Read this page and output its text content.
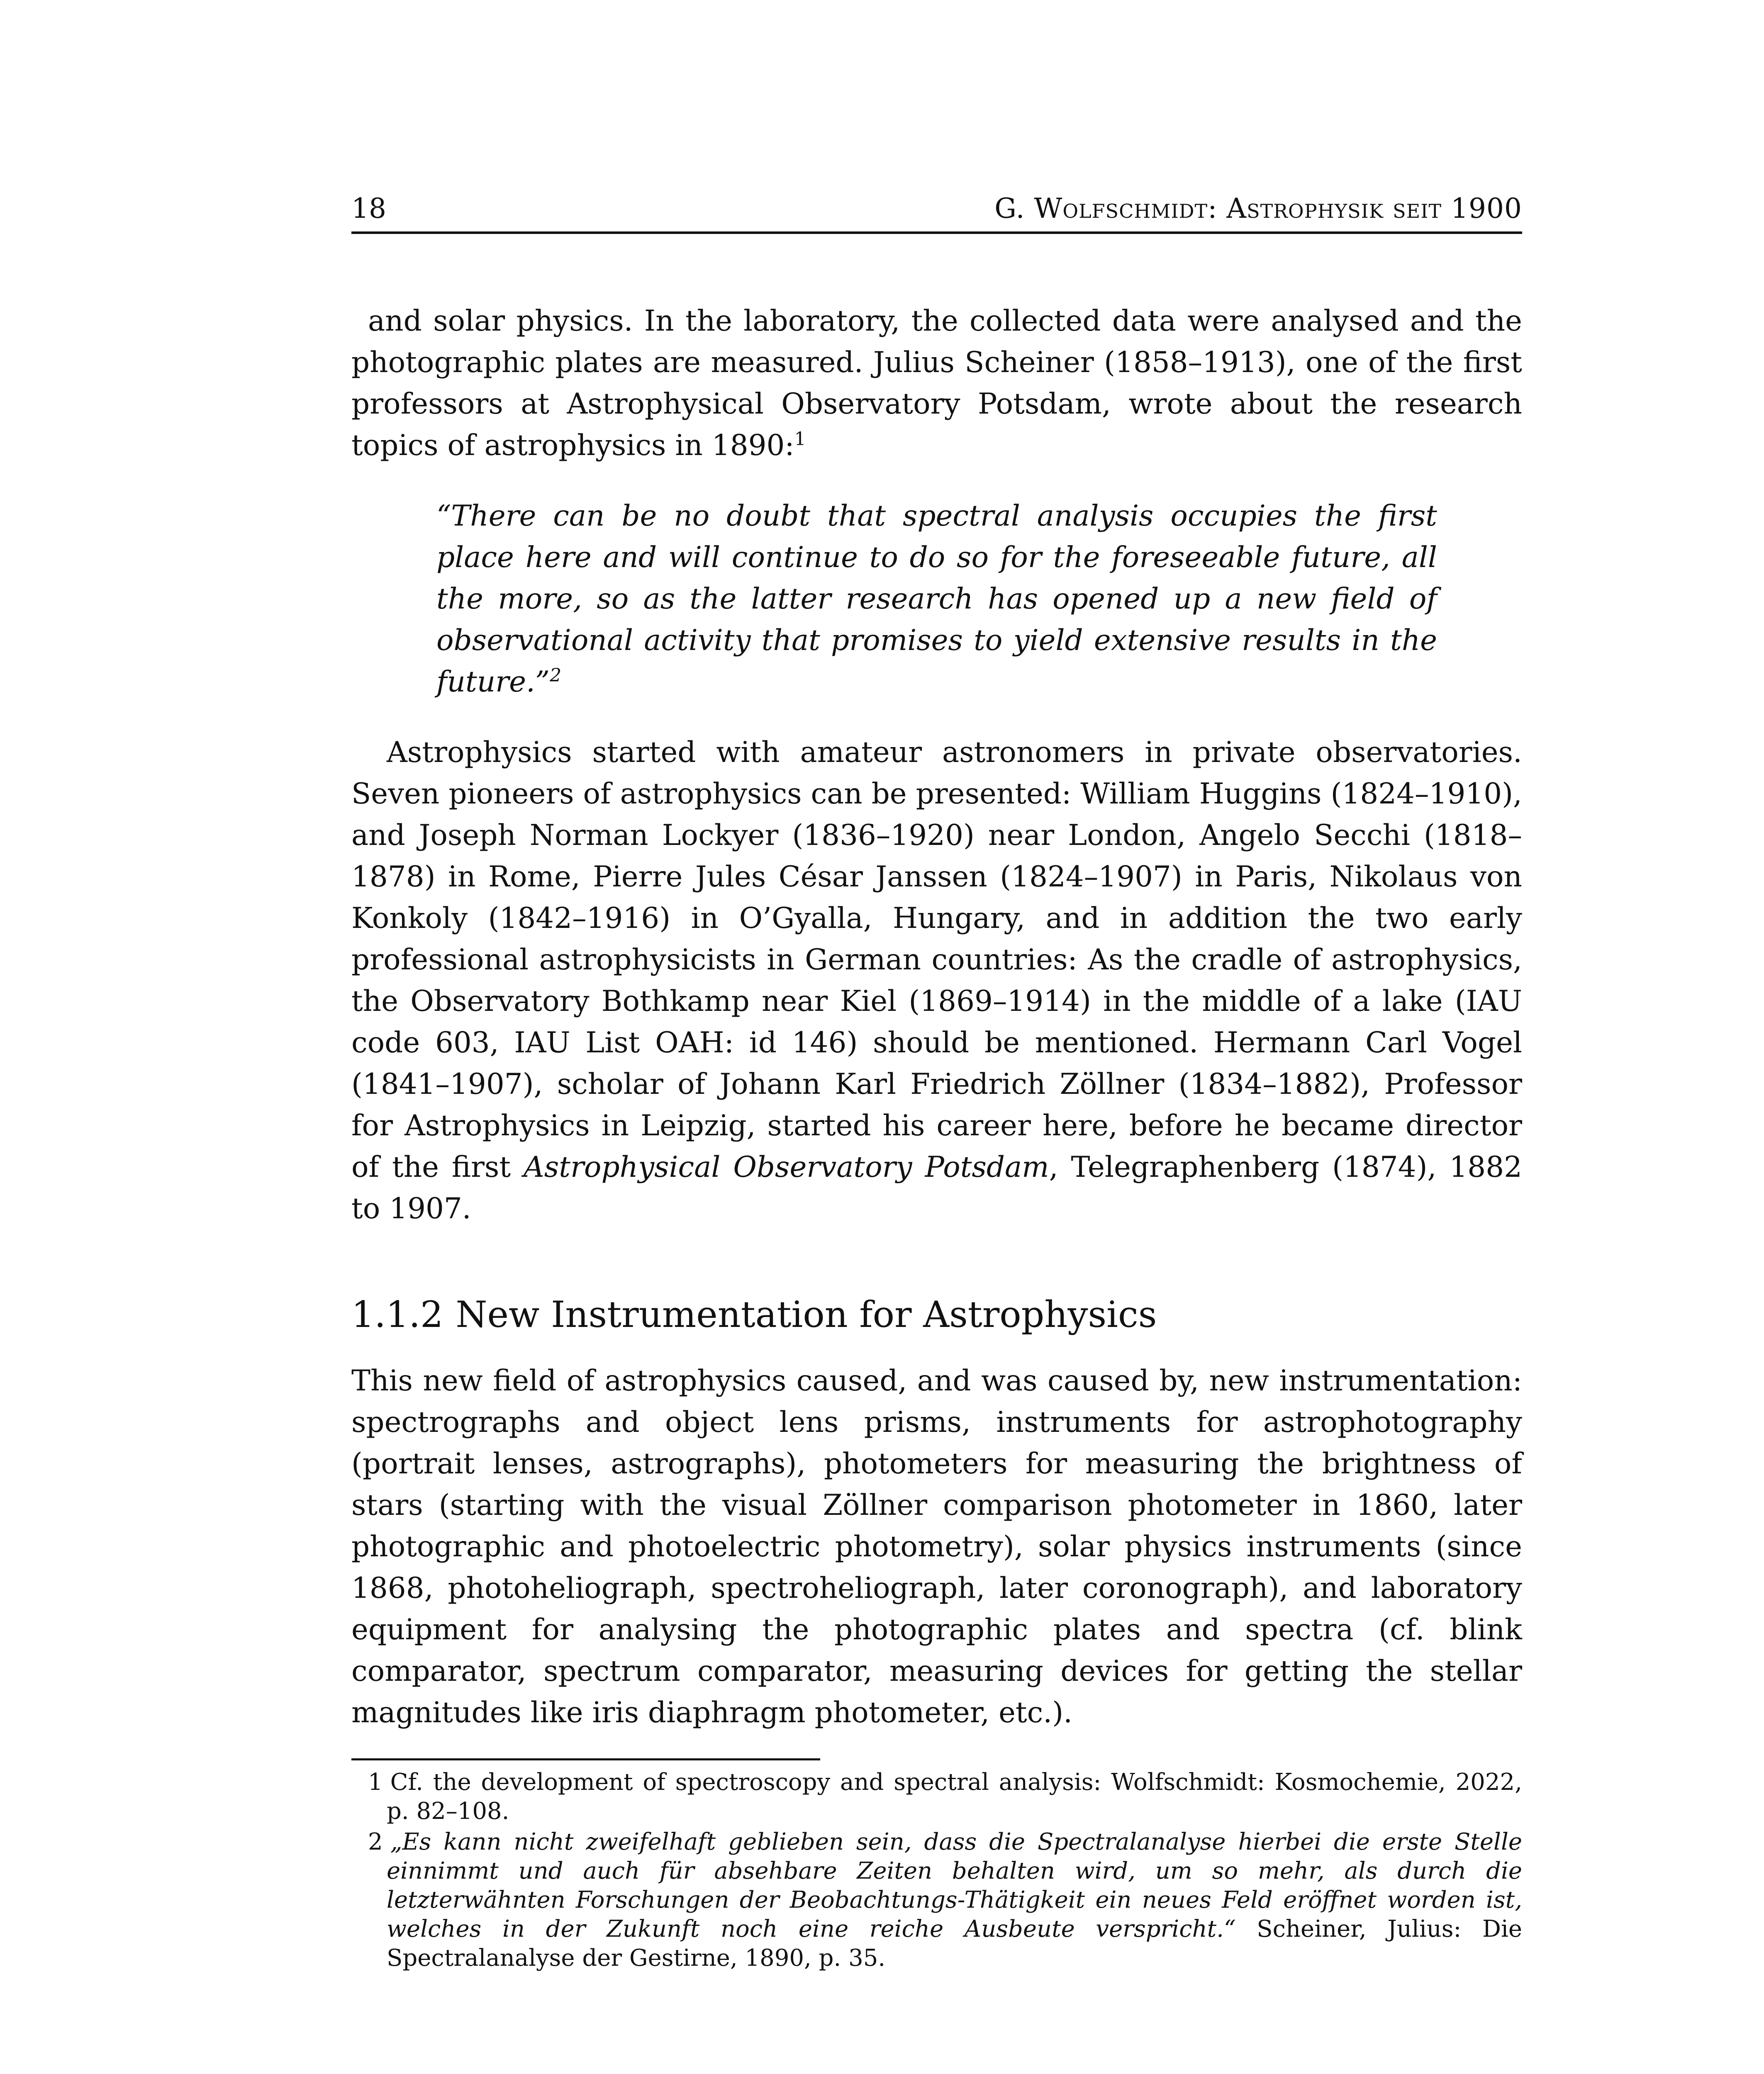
18	G. Wolfschmidt: Astrophysik seit 1900

and solar physics. In the laboratory, the collected data were analysed and the photographic plates are measured. Julius Scheiner (1858–1913), one of the first professors at Astrophysical Observatory Potsdam, wrote about the research topics of astrophysics in 1890:$^1$

“There can be no doubt that spectral analysis occupies the first place here and will continue to do so for the foreseeable future, all the more, so as the latter research has opened up a new field of observational activity that promises to yield extensive results in the future.”$^2$

Astrophysics started with amateur astronomers in private observatories. Seven pioneers of astrophysics can be presented: William Huggins (1824–1910), and Joseph Norman Lockyer (1836–1920) near London, Angelo Secchi (1818–1878) in Rome, Pierre Jules César Janssen (1824–1907) in Paris, Nikolaus von Konkoly (1842–1916) in O’Gyalla, Hungary, and in addition the two early professional astrophysicists in German countries: As the cradle of astrophysics, the Observatory Bothkamp near Kiel (1869–1914) in the middle of a lake (IAU code 603, IAU List OAH: id 146) should be mentioned. Hermann Carl Vogel (1841–1907), scholar of Johann Karl Friedrich Zöllner (1834–1882), Professor for Astrophysics in Leipzig, started his career here, before he became director of the first Astrophysical Observatory Potsdam, Telegraphenberg (1874), 1882 to 1907.

1.1.2 New Instrumentation for Astrophysics

This new field of astrophysics caused, and was caused by, new instrumentation: spectrographs and object lens prisms, instruments for astrophotography (portrait lenses, astrographs), photometers for measuring the brightness of stars (starting with the visual Zöllner comparison photometer in 1860, later photographic and photoelectric photometry), solar physics instruments (since 1868, photoheliograph, spectroheliograph, later coronograph), and laboratory equipment for analysing the photographic plates and spectra (cf. blink comparator, spectrum comparator, measuring devices for getting the stellar magnitudes like iris diaphragm photometer, etc.).

1 Cf. the development of spectroscopy and spectral analysis: Wolfschmidt: Kosmochemie, 2022, p. 82–108.

2 „Es kann nicht zweifelhaft geblieben sein, dass die Spectralanalyse hierbei die erste Stelle einnimmt und auch für absehbare Zeiten behalten wird, um so mehr, als durch die letzterwähnten Forschungen der Beobachtungs-Thätigkeit ein neues Feld eröffnet worden ist, welches in der Zukunft noch eine reiche Ausbeute verspricht.“ Scheiner, Julius: Die Spectralanalyse der Gestirne, 1890, p. 35.
